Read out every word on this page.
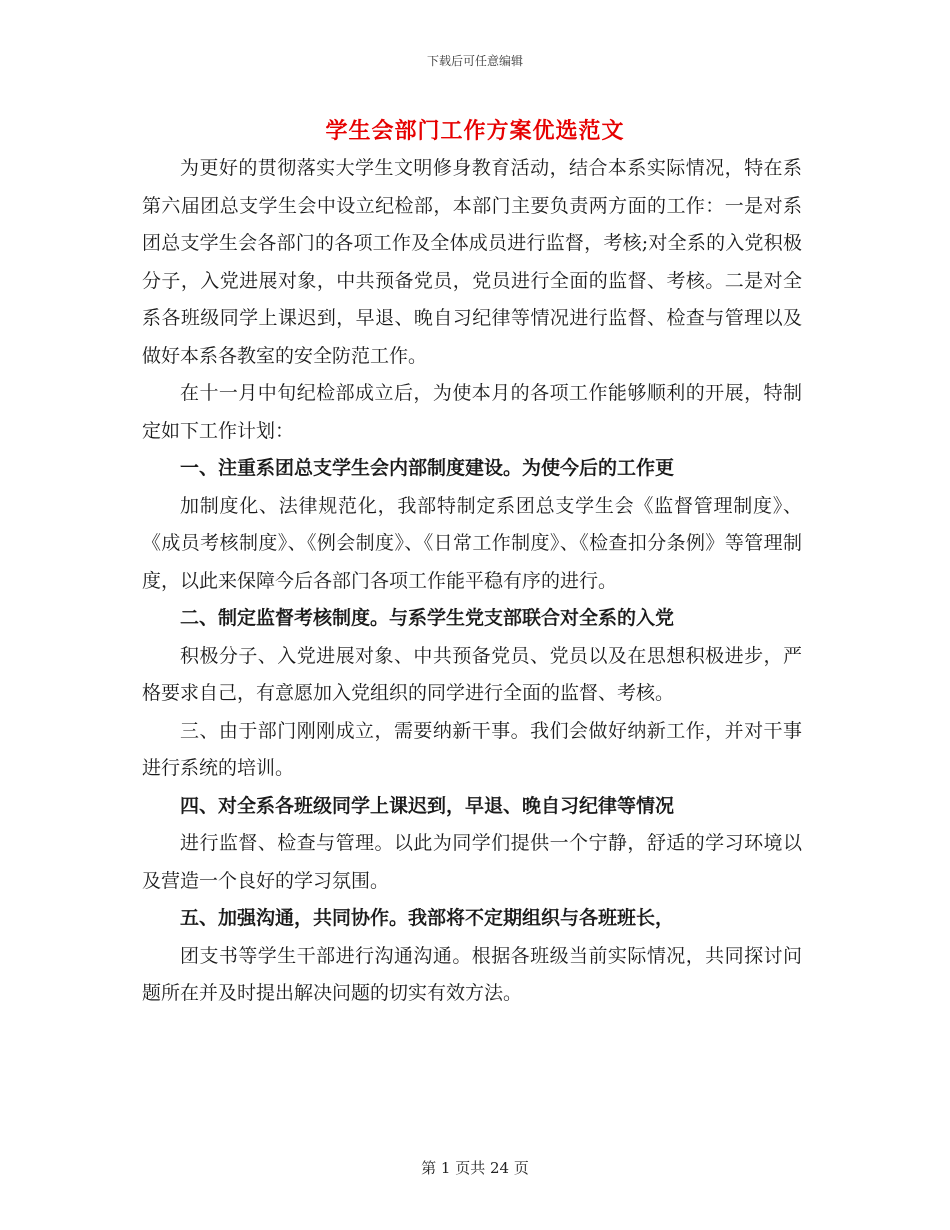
下载后可任意编辑
学生会部门工作方案优选范文

为更好的贯彻落实大学生文明修身教育活动，结合本系实际情况，特在系第六届团总支学生会中设立纪检部，本部门主要负责两方面的工作：一是对系团总支学生会各部门的各项工作及全体成员进行监督，考核;对全系的入党积极分子，入党进展对象，中共预备党员，党员进行全面的监督、考核。二是对全系各班级同学上课迟到，早退、晚自习纪律等情况进行监督、检查与管理以及做好本系各教室的安全防范工作。

在十一月中旬纪检部成立后，为使本月的各项工作能够顺利的开展，特制定如下工作计划：

一、注重系团总支学生会内部制度建设。为使今后的工作更

加制度化、法律规范化，我部特制定系团总支学生会《监督管理制度》、《成员考核制度》、《例会制度》、《日常工作制度》、《检查扣分条例》等管理制度，以此来保障今后各部门各项工作能平稳有序的进行。

二、制定监督考核制度。与系学生党支部联合对全系的入党

积极分子、入党进展对象、中共预备党员、党员以及在思想积极进步，严格要求自己，有意愿加入党组织的同学进行全面的监督、考核。

三、由于部门刚刚成立，需要纳新干事。我们会做好纳新工作，并对干事进行系统的培训。

四、对全系各班级同学上课迟到，早退、晚自习纪律等情况

进行监督、检查与管理。以此为同学们提供一个宁静，舒适的学习环境以及营造一个良好的学习氛围。

五、加强沟通，共同协作。我部将不定期组织与各班班长，

团支书等学生干部进行沟通沟通。根据各班级当前实际情况，共同探讨问题所在并及时提出解决问题的切实有效方法。

第 1 页共 24 页
